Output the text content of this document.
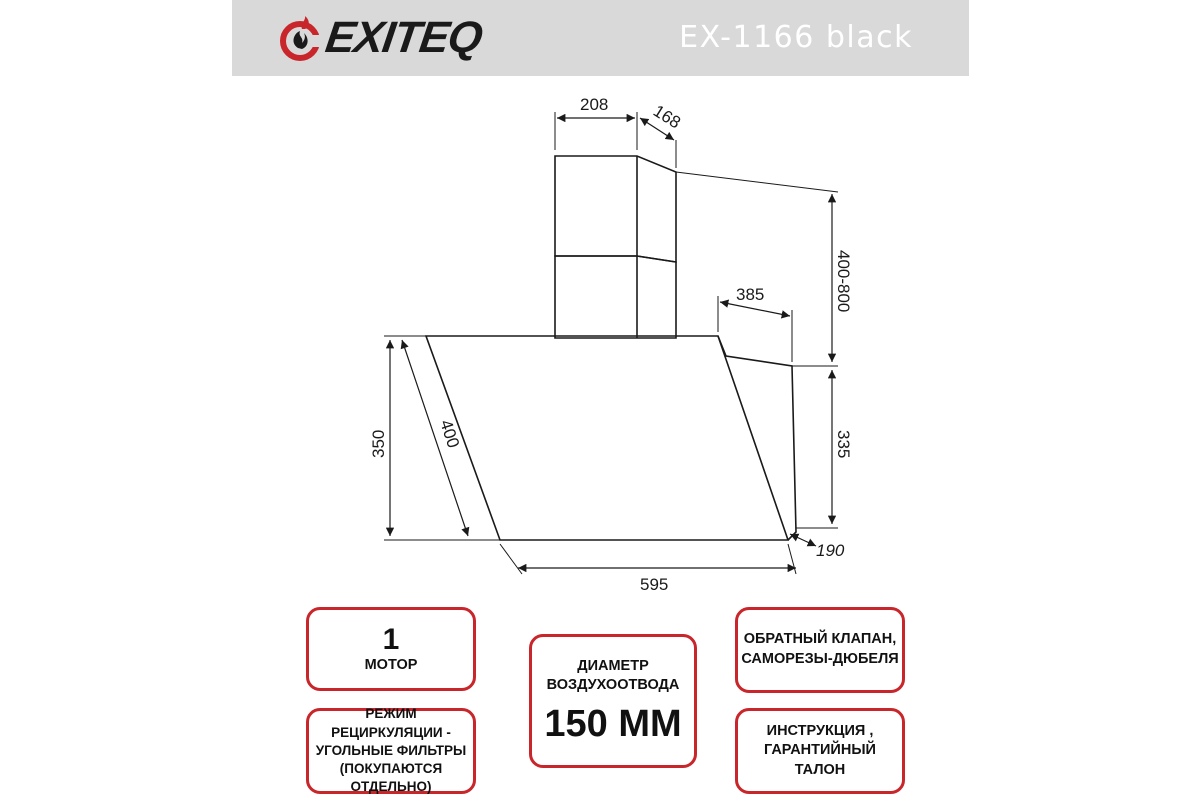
EXITEQ	EX-1166 black
208 168
400-800
385
335
350	400
595
190
1
МОТОР
РЕЖИМ РЕЦИРКУЛЯЦИИ - УГОЛЬНЫЕ ФИЛЬТРЫ (ПОКУПАЮТСЯ ОТДЕЛЬНО)
ДИАМЕТР
ВОЗДУХООТВОДА
150 ММ
ОБРАТНЫЙ КЛАПАН,
САМОРЕЗЫ-ДЮБЕЛЯ
ИНСТРУКЦИЯ ,
ГАРАНТИЙНЫЙ ТАЛОН
